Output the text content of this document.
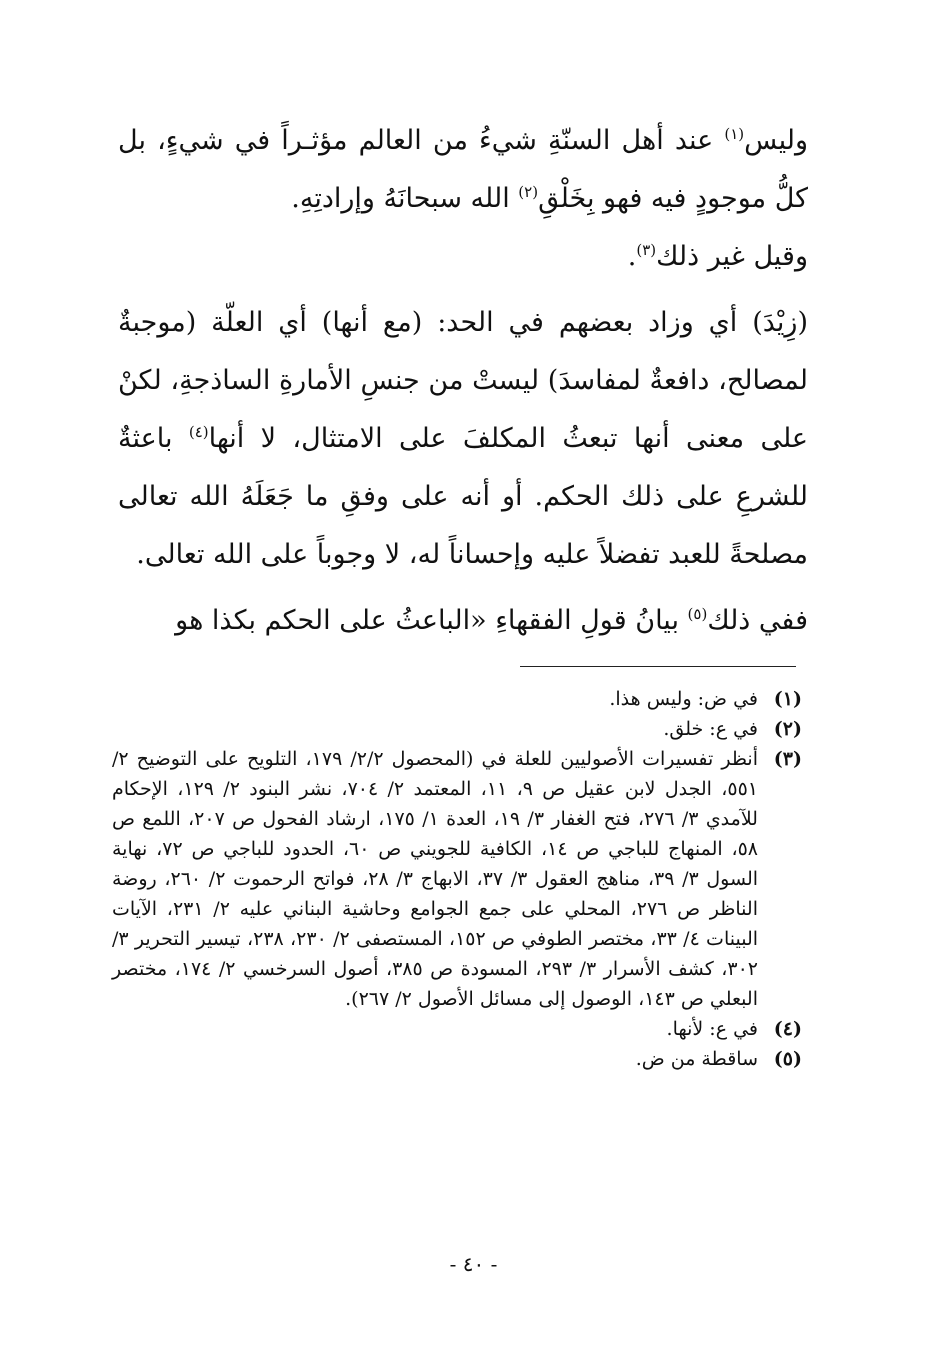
وليس$^{(١)}$ عند أهل السنّةِ شيءُ من العالم مؤثـراً في شيءٍ، بل كلُّ موجودٍ فيه فهو بِخَلْقِ$^{(٢)}$ الله سبحانَهُ وإرادتِهِ.

وقيل غير ذلك$^{(٣)}$.

(زِيْدَ) أي وزاد بعضهم في الحد: (مع أنها) أي العلّة (موجبةٌ لمصالح، دافعةٌ لمفاسدَ) ليستْ من جنسِ الأمارةِ الساذجةِ، لكنْ على معنى أنها تبعثُ المكلفَ على الامتثال، لا أنها$^{(٤)}$ باعثةٌ للشرعِ على ذلك الحكم. أو أنه على وفقِ ما جَعَلَهُ الله تعالى مصلحةً للعبد تفضلاً عليه وإحساناً له، لا وجوباً على الله تعالى.

ففي ذلك$^{(٥)}$ بيانُ قولِ الفقهاءِ «الباعثُ على الحكم بكذا هو

(١)
في ض: وليس هذا.
(٢)
في ع: خلق.
(٣)
أنظر تفسيرات الأصوليين للعلة في (المحصول ٢/٢/ ١٧٩، التلويح على التوضيح ٢/ ٥٥١، الجدل لابن عقيل ص ٩، ١١، المعتمد ٢/ ٧٠٤، نشر البنود ٢/ ١٢٩، الإحكام للآمدي ٣/ ٢٧٦، فتح الغفار ٣/ ١٩، العدة ١/ ١٧٥، ارشاد الفحول ص ٢٠٧، اللمع ص ٥٨، المنهاج للباجي ص ١٤، الكافية للجويني ص ٦٠، الحدود للباجي ص ٧٢، نهاية السول ٣/ ٣٩، مناهج العقول ٣/ ٣٧، الابهاج ٣/ ٢٨، فواتح الرحموت ٢/ ٢٦٠، روضة الناظر ص ٢٧٦، المحلي على جمع الجوامع وحاشية البناني عليه ٢/ ٢٣١، الآيات البينات ٤/ ٣٣، مختصر الطوفي ص ١٥٢، المستصفى ٢/ ٢٣٠، ٢٣٨، تيسير التحرير ٣/ ٣٠٢، كشف الأسرار ٣/ ٢٩٣، المسودة ص ٣٨٥، أصول السرخسي ٢/ ١٧٤، مختصر البعلي ص ١٤٣، الوصول إلى مسائل الأصول ٢/ ٢٦٧).
(٤)
في ع: لأنها.
(٥)
ساقطة من ض.
- ٤٠ -
